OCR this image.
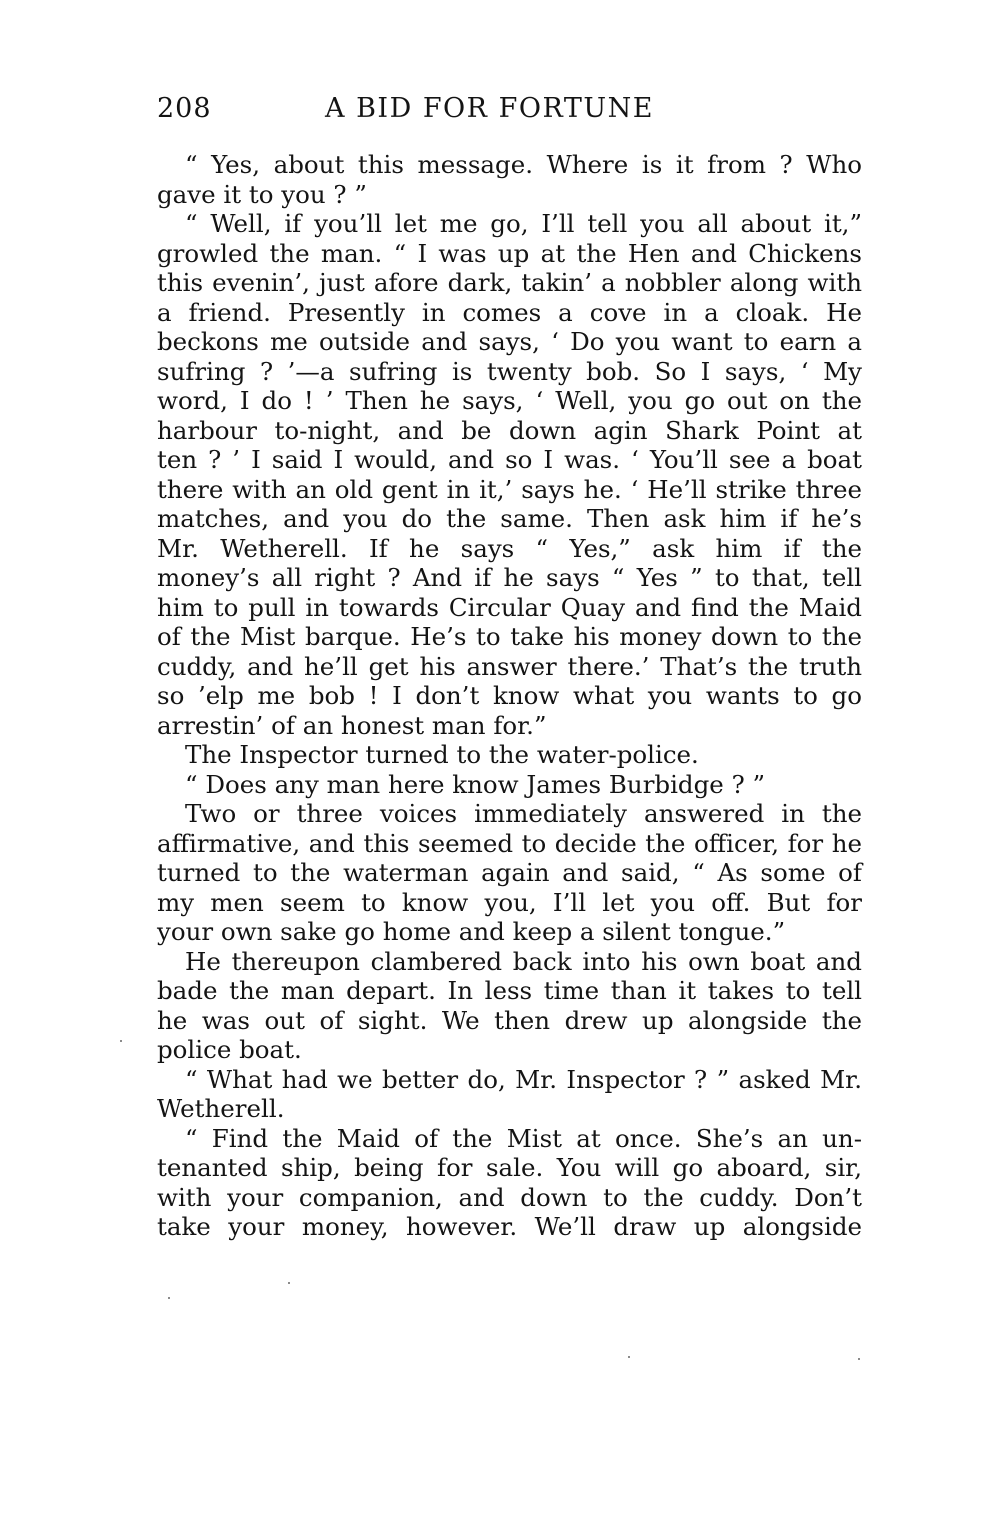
208	A BID FOR FORTUNE
“ Yes, about this message. Where is it from ? Who
gave it to you ? ”
“ Well, if you’ll let me go, I’ll tell you all about it,”
growled the man. “ I was up at the Hen and Chickens
this evenin’, just afore dark, takin’ a nobbler along with
a friend. Presently in comes a cove in a cloak. He
beckons me outside and says, ‘ Do you want to earn a
sufring ? ’—a sufring is twenty bob. So I says, ‘ My
word, I do ! ’ Then he says, ‘ Well, you go out on the
harbour to-night, and be down agin Shark Point at
ten ? ’ I said I would, and so I was. ‘ You’ll see a boat
there with an old gent in it,’ says he. ‘ He’ll strike three
matches, and you do the same. Then ask him if he’s
Mr. Wetherell. If he says “ Yes,” ask him if the
money’s all right ? And if he says “ Yes ” to that, tell
him to pull in towards Circular Quay and find the Maid
of the Mist barque. He’s to take his money down to the
cuddy, and he’ll get his answer there.’ That’s the truth
so ’elp me bob ! I don’t know what you wants to go
arrestin’ of an honest man for.”
The Inspector turned to the water-police.
“ Does any man here know James Burbidge ? ”
Two or three voices immediately answered in the
affirmative, and this seemed to decide the officer, for he
turned to the waterman again and said, “ As some of
my men seem to know you, I’ll let you off. But for
your own sake go home and keep a silent tongue.”
He thereupon clambered back into his own boat and
bade the man depart. In less time than it takes to tell
he was out of sight. We then drew up alongside the
police boat.
“ What had we better do, Mr. Inspector ? ” asked Mr.
Wetherell.
“ Find the Maid of the Mist at once. She’s an un-
tenanted ship, being for sale. You will go aboard, sir,
with your companion, and down to the cuddy. Don’t
take your money, however. We’ll draw up alongside
